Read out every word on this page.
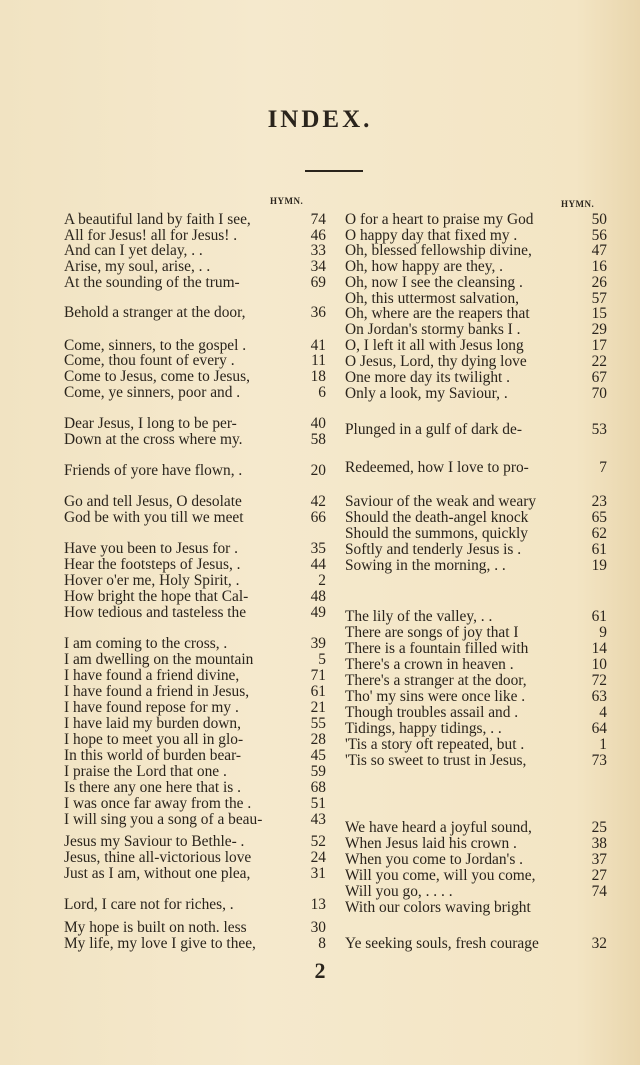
INDEX.
HYMN.	HYMN.
A beautiful land by faith I see,	74
All for Jesus! all for Jesus! .	46
And can I yet delay, . .	33
Arise, my soul, arise, . .	34
At the sounding of the trum-	69
Behold a stranger at the door,	36
Come, sinners, to the gospel .	41
Come, thou fount of every .	11
Come to Jesus, come to Jesus,	18
Come, ye sinners, poor and .	6
Dear Jesus, I long to be per-	40
Down at the cross where my.	58
Friends of yore have flown, .	20
Go and tell Jesus, O desolate	42
God be with you till we meet	66
Have you been to Jesus for .	35
Hear the footsteps of Jesus, .	44
Hover o'er me, Holy Spirit, .	2
How bright the hope that Cal-	48
How tedious and tasteless the	49
I am coming to the cross, .	39
I am dwelling on the mountain	5
I have found a friend divine,	71
I have found a friend in Jesus,	61
I have found repose for my .	21
I have laid my burden down,	55
I hope to meet you all in glo-	28
In this world of burden bear-	45
I praise the Lord that one .	59
Is there any one here that is .	68
I was once far away from the .	51
I will sing you a song of a beau-	43
Jesus my Saviour to Bethle- .	52
Jesus, thine all-victorious love	24
Just as I am, without one plea,	31
Lord, I care not for riches, .	13
My hope is built on noth. less	30
My life, my love I give to thee,	8
O for a heart to praise my God	50
O happy day that fixed my .	56
Oh, blessed fellowship divine,	47
Oh, how happy are they, .	16
Oh, now I see the cleansing .	26
Oh, this uttermost salvation,	57
Oh, where are the reapers that	15
On Jordan's stormy banks I .	29
O, I left it all with Jesus long	17
O Jesus, Lord, thy dying love	22
One more day its twilight .	67
Only a look, my Saviour, .	70
Plunged in a gulf of dark de-	53
Redeemed, how I love to pro-	7
Saviour of the weak and weary	23
Should the death-angel knock	65
Should the summons, quickly	62
Softly and tenderly Jesus is .	61
Sowing in the morning, . .	19
The lily of the valley, . .	61
There are songs of joy that I	9
There is a fountain filled with	14
There's a crown in heaven .	10
There's a stranger at the door,	72
Tho' my sins were once like .	63
Though troubles assail and .	4
Tidings, happy tidings, . .	64
'Tis a story oft repeated, but .	1
'Tis so sweet to trust in Jesus,	73
We have heard a joyful sound,	25
When Jesus laid his crown .	38
When you come to Jordan's .	37
Will you come, will you come,	27
Will you go, . . . .	74
With our colors waving bright
Ye seeking souls, fresh courage	32
2
